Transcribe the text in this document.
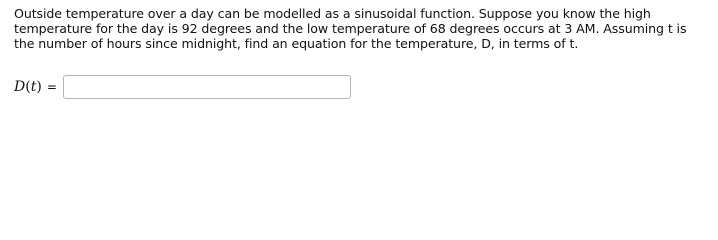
Outside temperature over a day can be modelled as a sinusoidal function. Suppose you know the high temperature for the day is 92 degrees and the low temperature of 68 degrees occurs at 3 AM. Assuming t is the number of hours since midnight, find an equation for the temperature, D, in terms of t.
D(t) =
